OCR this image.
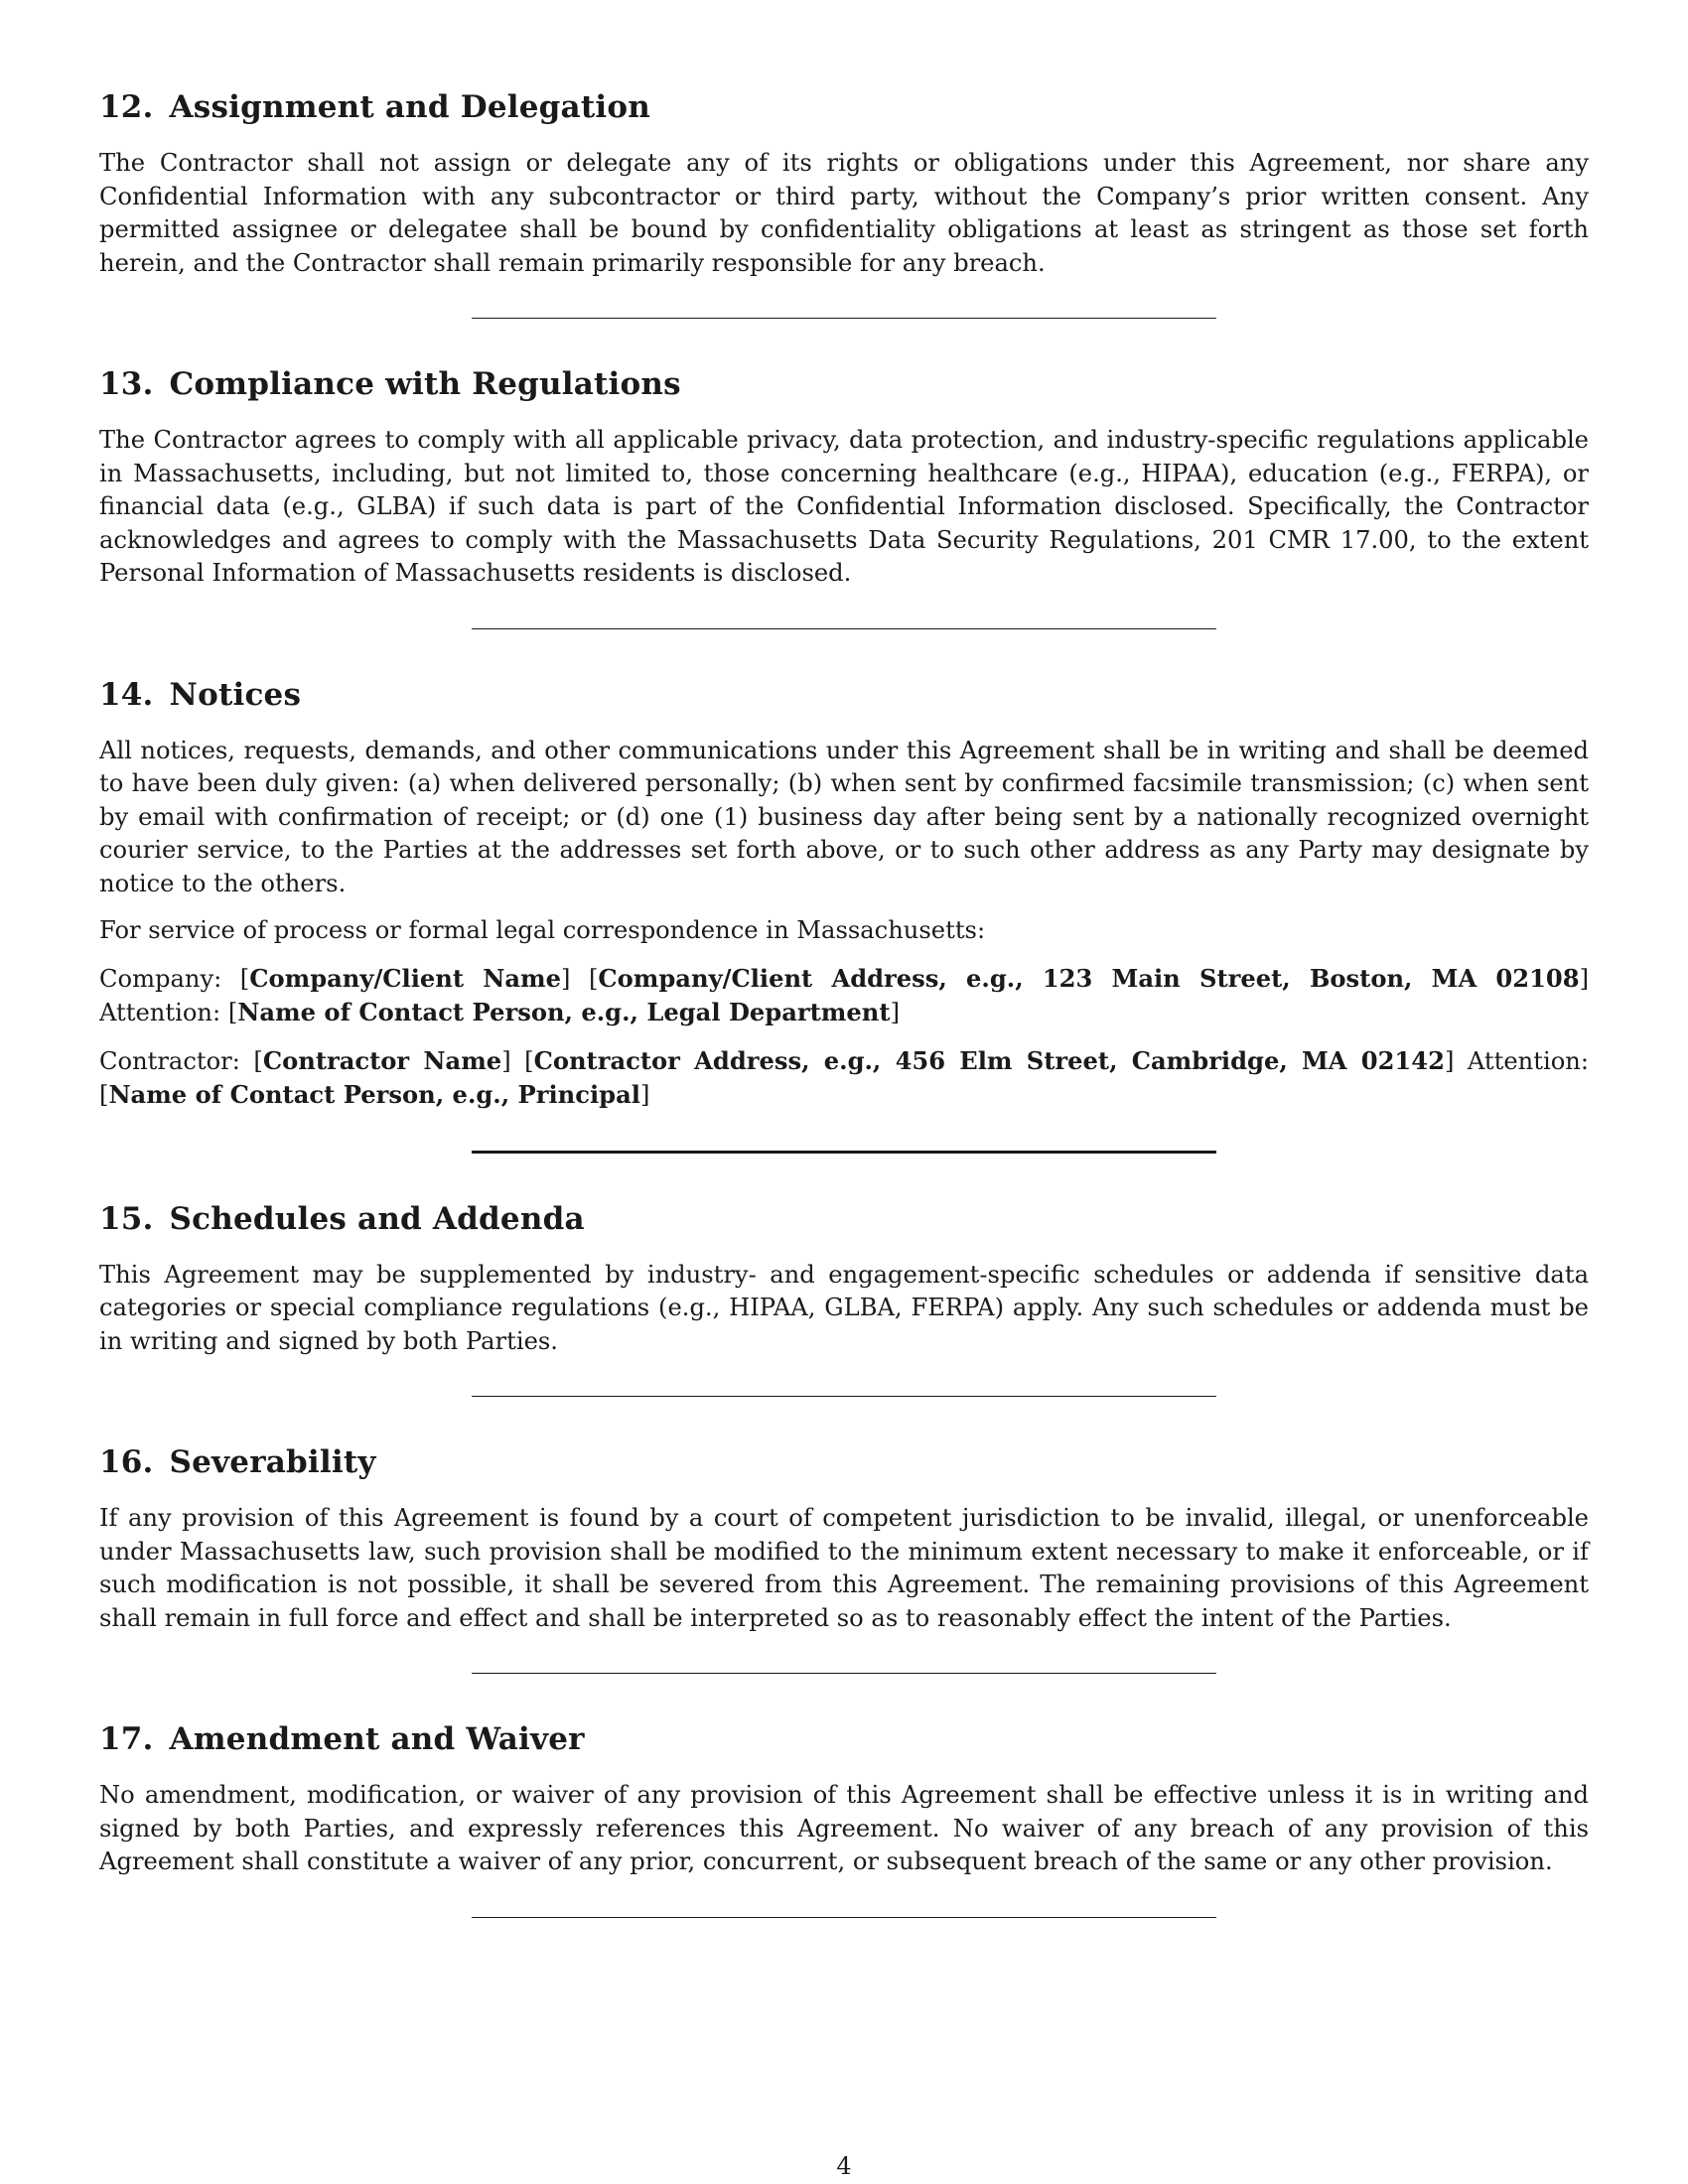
12. Assignment and Delegation

The Contractor shall not assign or delegate any of its rights or obligations under this Agreement, nor share any Confidential Information with any subcontractor or third party, without the Company’s prior written consent. Any permitted assignee or delegatee shall be bound by confidentiality obligations at least as stringent as those set forth herein, and the Contractor shall remain primarily responsible for any breach.

13. Compliance with Regulations

The Contractor agrees to comply with all applicable privacy, data protection, and industry-specific regulations applicable in Massachusetts, including, but not limited to, those concerning healthcare (e.g., HIPAA), education (e.g., FERPA), or financial data (e.g., GLBA) if such data is part of the Confidential Information disclosed. Specifically, the Contractor acknowledges and agrees to comply with the Massachusetts Data Security Regulations, 201 CMR 17.00, to the extent Personal Information of Massachusetts residents is disclosed.

14. Notices

All notices, requests, demands, and other communications under this Agreement shall be in writing and shall be deemed to have been duly given: (a) when delivered personally; (b) when sent by confirmed facsimile transmission; (c) when sent by email with confirmation of receipt; or (d) one (1) business day after being sent by a nationally recognized overnight courier service, to the Parties at the addresses set forth above, or to such other address as any Party may designate by notice to the others.

For service of process or formal legal correspondence in Massachusetts:

Company: [Company/Client Name] [Company/Client Address, e.g., 123 Main Street, Boston, MA 02108] Attention: [Name of Contact Person, e.g., Legal Department]

Contractor: [Contractor Name] [Contractor Address, e.g., 456 Elm Street, Cambridge, MA 02142] Attention: [Name of Contact Person, e.g., Principal]

15. Schedules and Addenda

This Agreement may be supplemented by industry- and engagement-specific schedules or addenda if sensitive data categories or special compliance regulations (e.g., HIPAA, GLBA, FERPA) apply. Any such schedules or addenda must be in writing and signed by both Parties.

16. Severability

If any provision of this Agreement is found by a court of competent jurisdiction to be invalid, illegal, or unenforceable under Massachusetts law, such provision shall be modified to the minimum extent necessary to make it enforceable, or if such modification is not possible, it shall be severed from this Agreement. The remaining provisions of this Agreement shall remain in full force and effect and shall be interpreted so as to reasonably effect the intent of the Parties.

17. Amendment and Waiver

No amendment, modification, or waiver of any provision of this Agreement shall be effective unless it is in writing and signed by both Parties, and expressly references this Agreement. No waiver of any breach of any provision of this Agreement shall constitute a waiver of any prior, concurrent, or subsequent breach of the same or any other provision.

4
